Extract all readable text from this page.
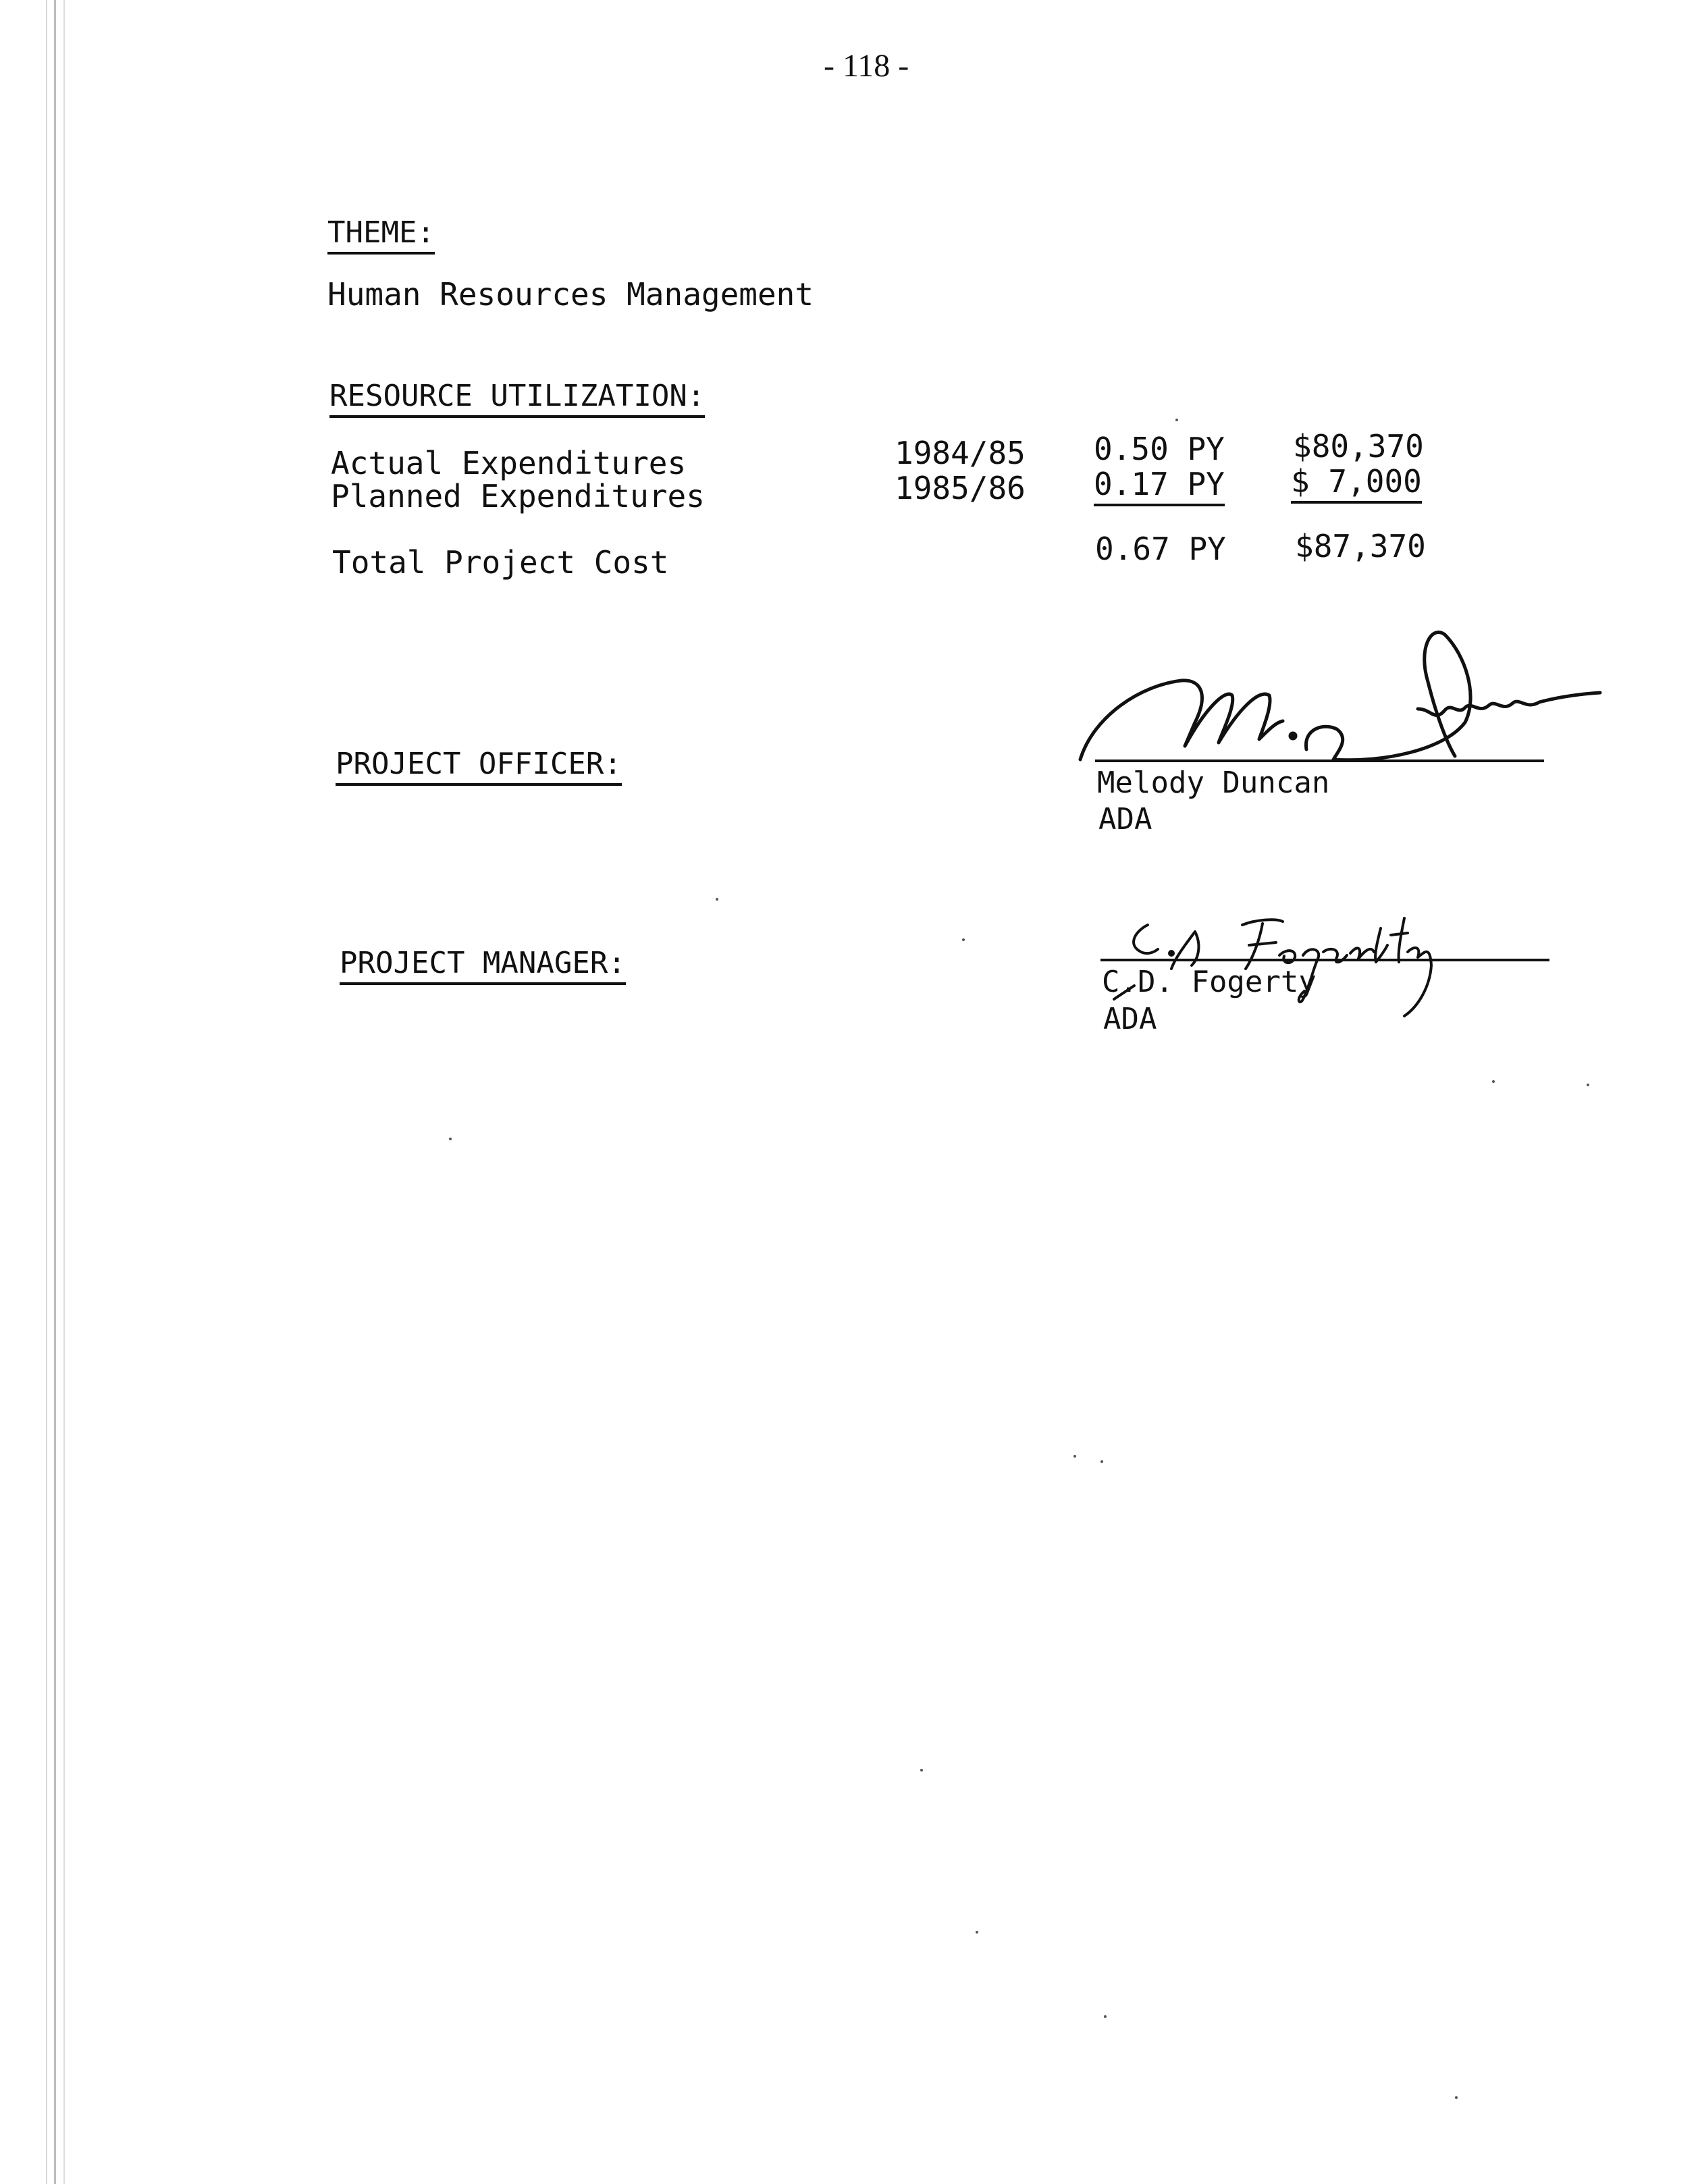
- 118 -
THEME:
Human Resources Management
RESOURCE UTILIZATION:
Actual Expenditures	1984/85 0.50 PY $80,370
Planned Expenditures	1985/86 0.17 PY $ 7,000
Total Project Cost	0.67 PY $87,370
PROJECT OFFICER:
Melody Duncan
ADA
PROJECT MANAGER:
C.D. Fogerty
ADA
